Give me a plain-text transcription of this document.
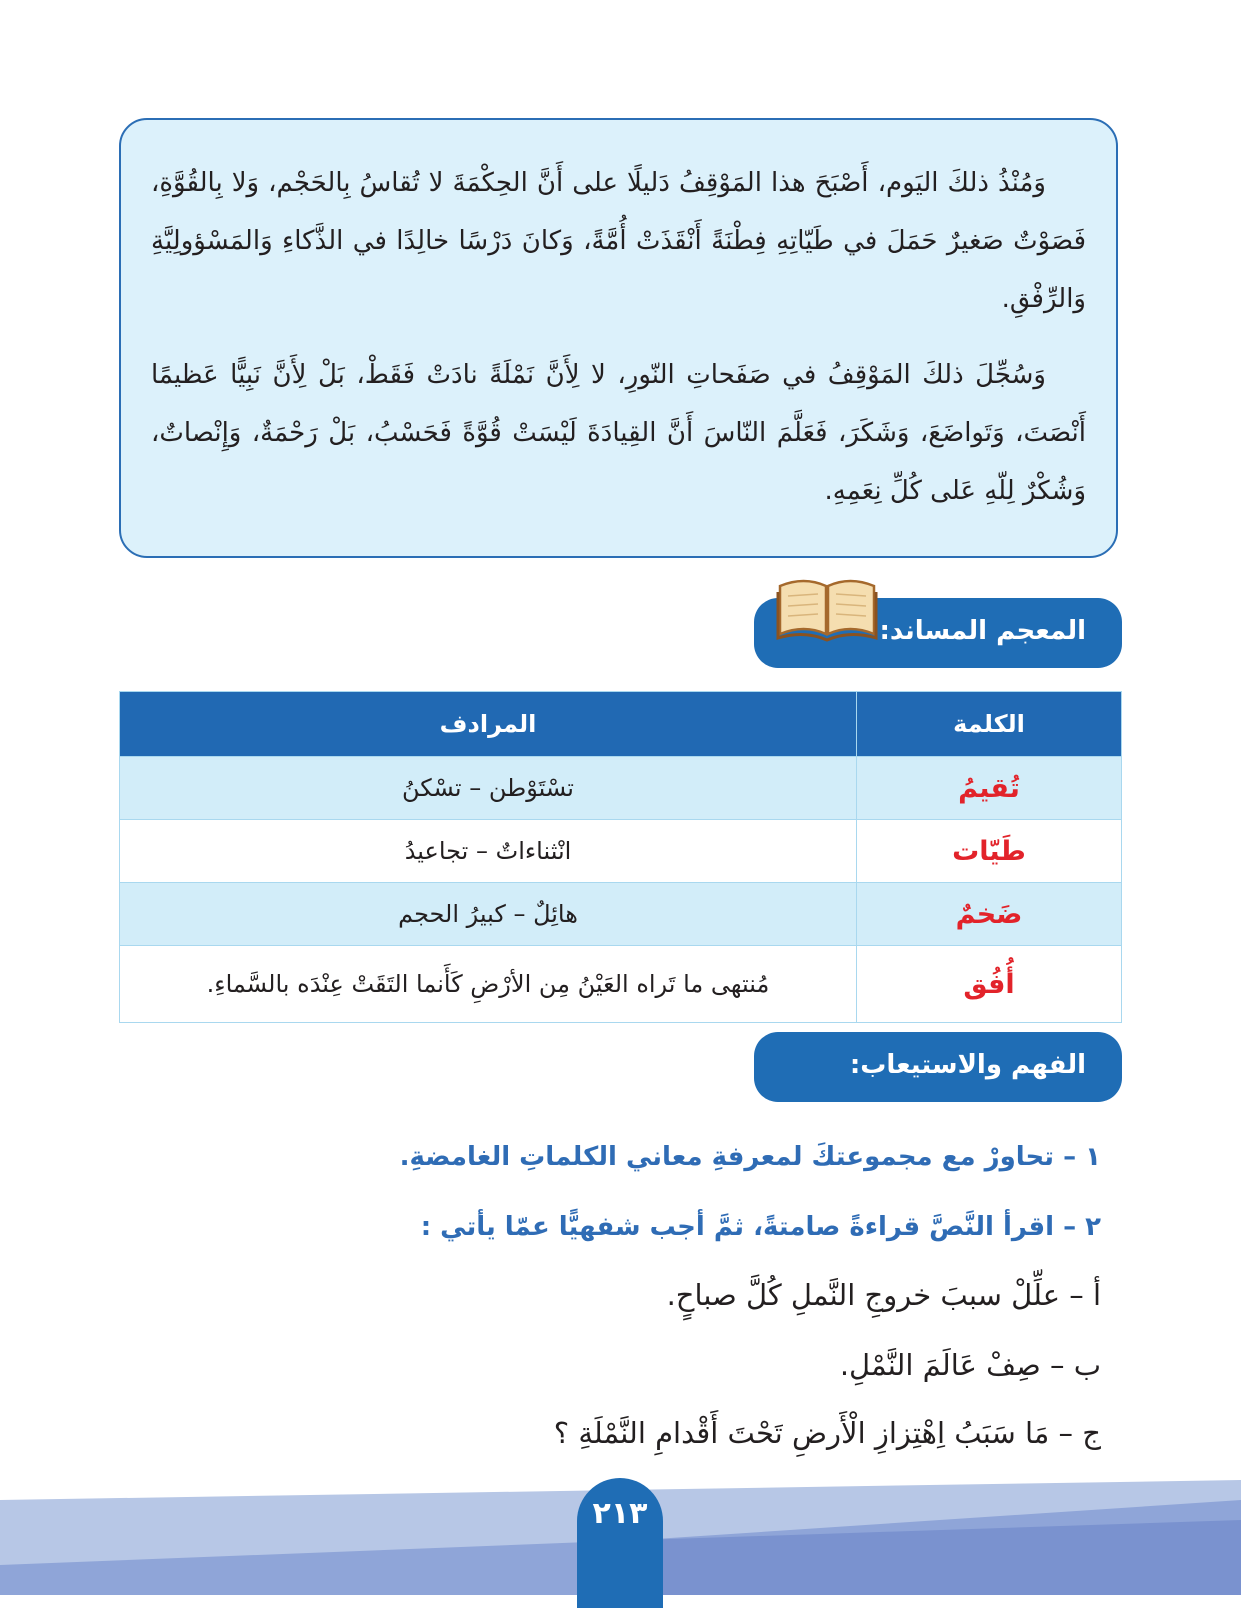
وَمُنْذُ ذلكَ اليَوم، أَصْبَحَ هذا المَوْقِفُ دَليلًا على أَنَّ الحِكْمَةَ لا تُقاسُ بِالحَجْم، وَلا بِالقُوَّةِ، فَصَوْتٌ صَغيرٌ حَمَلَ في طَيّاتِهِ فِطْنَةً أَنْقَذَتْ أُمَّةً، وَكانَ دَرْسًا خالِدًا في الذَّكاءِ وَالمَسْؤولِيَّةِ وَالرِّفْقِ.

وَسُجِّلَ ذلكَ المَوْقِفُ في صَفَحاتِ النّورِ، لا لِأَنَّ نَمْلَةً نادَتْ فَقَطْ، بَلْ لِأَنَّ نَبِيًّا عَظيمًا أَنْصَتَ، وَتَواضَعَ، وَشَكَرَ، فَعَلَّمَ النّاسَ أَنَّ القِيادَةَ لَيْسَتْ قُوَّةً فَحَسْبُ، بَلْ رَحْمَةٌ، وَإِنْصاتٌ، وَشُكْرٌ لِلّهِ عَلى كُلِّ نِعَمِهِ.

المعجم المساند:
الكلمة	المرادف
تُقيمُ	تسْتَوْطن – تسْكنُ
طَيّات	انْثناءاتٌ – تجاعيدُ
ضَخمٌ	هائِلٌ – كبيرُ الحجم
أُفُق	مُنتهى ما تَراه العَيْنُ مِن الأرْضِ كَأَنما التَقَتْ عِنْدَه بالسَّماءِ.
الفهم والاستيعاب:
١ – تحاورْ مع مجموعتكَ لمعرفةِ معاني الكلماتِ الغامضةِ.
٢ – اقرأ النَّصَّ قراءةً صامتةً، ثمَّ أجب شفهيًّا عمّا يأتي :
أ – علِّلْ سببَ خروجِ النَّملِ كُلَّ صباحٍ.
ب – صِفْ عَالَمَ النَّمْلِ.
ج – مَا سَبَبُ اِهْتِزازِ الْأَرضِ تَحْتَ أَقْدامِ النَّمْلَةِ ؟
٢١٣
